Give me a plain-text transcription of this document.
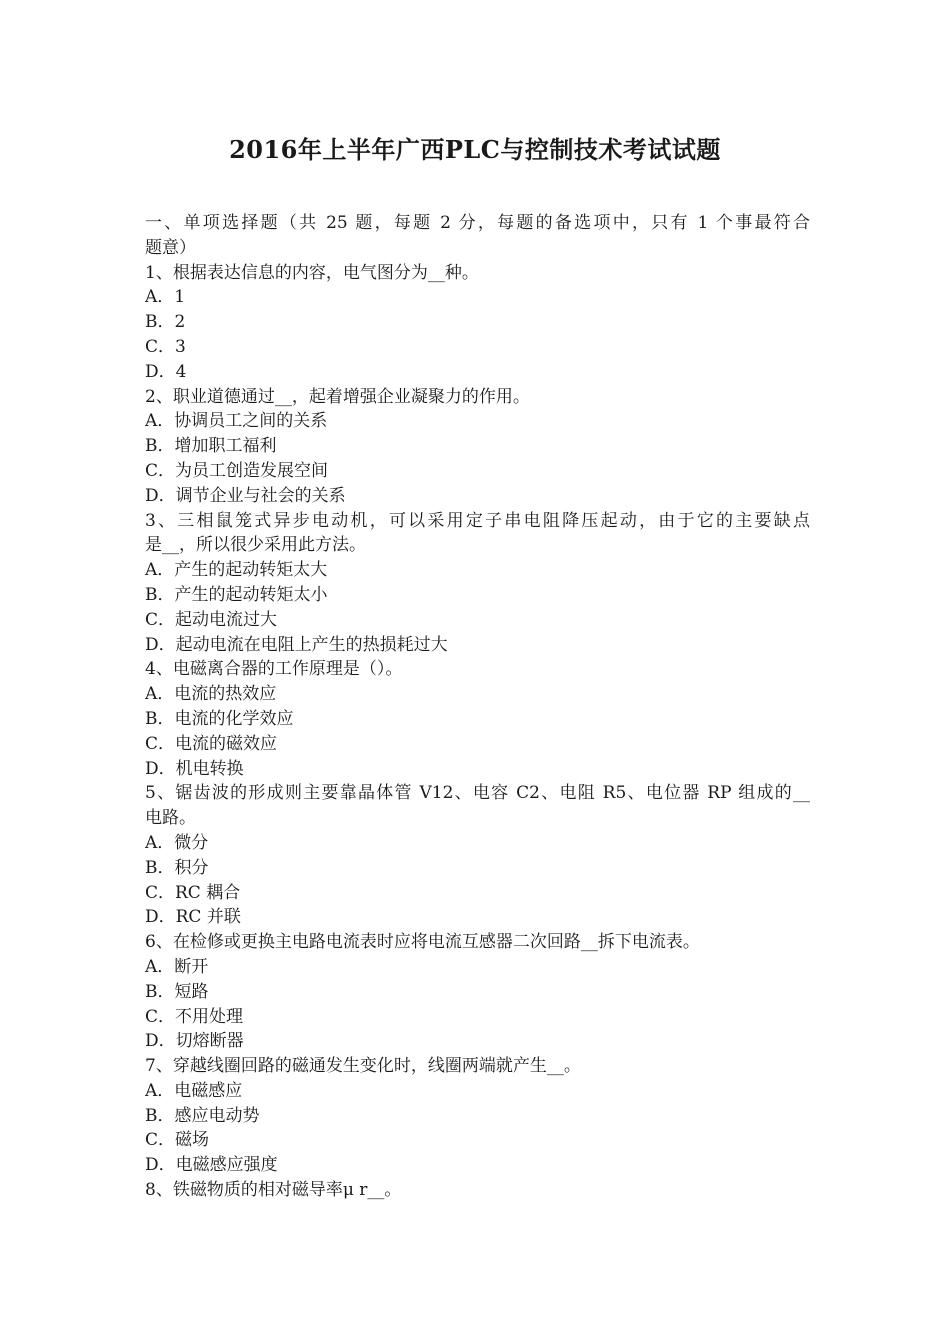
2016年上半年广西PLC与控制技术考试试题
一、单项选择题（共 25 题，每题 2 分，每题的备选项中，只有 1 个事最符合
题意）
1、根据表达信息的内容，电气图分为__种。
A．1
B．2
C．3
D．4
2、职业道德通过__，起着增强企业凝聚力的作用。
A．协调员工之间的关系
B．增加职工福利
C．为员工创造发展空间
D．调节企业与社会的关系
3、三相鼠笼式异步电动机，可以采用定子串电阻降压起动，由于它的主要缺点
是__，所以很少采用此方法。
A．产生的起动转矩太大
B．产生的起动转矩太小
C．起动电流过大
D．起动电流在电阻上产生的热损耗过大
4、电磁离合器的工作原理是（）。
A．电流的热效应
B．电流的化学效应
C．电流的磁效应
D．机电转换
5、锯齿波的形成则主要靠晶体管 V12、电容 C2、电阻 R5、电位器 RP 组成的__
电路。
A．微分
B．积分
C．RC 耦合
D．RC 并联
6、在检修或更换主电路电流表时应将电流互感器二次回路__拆下电流表。
A．断开
B．短路
C．不用处理
D．切熔断器
7、穿越线圈回路的磁通发生变化时，线圈两端就产生__。
A．电磁感应
B．感应电动势
C．磁场
D．电磁感应强度
8、铁磁物质的相对磁导率μ r__。
